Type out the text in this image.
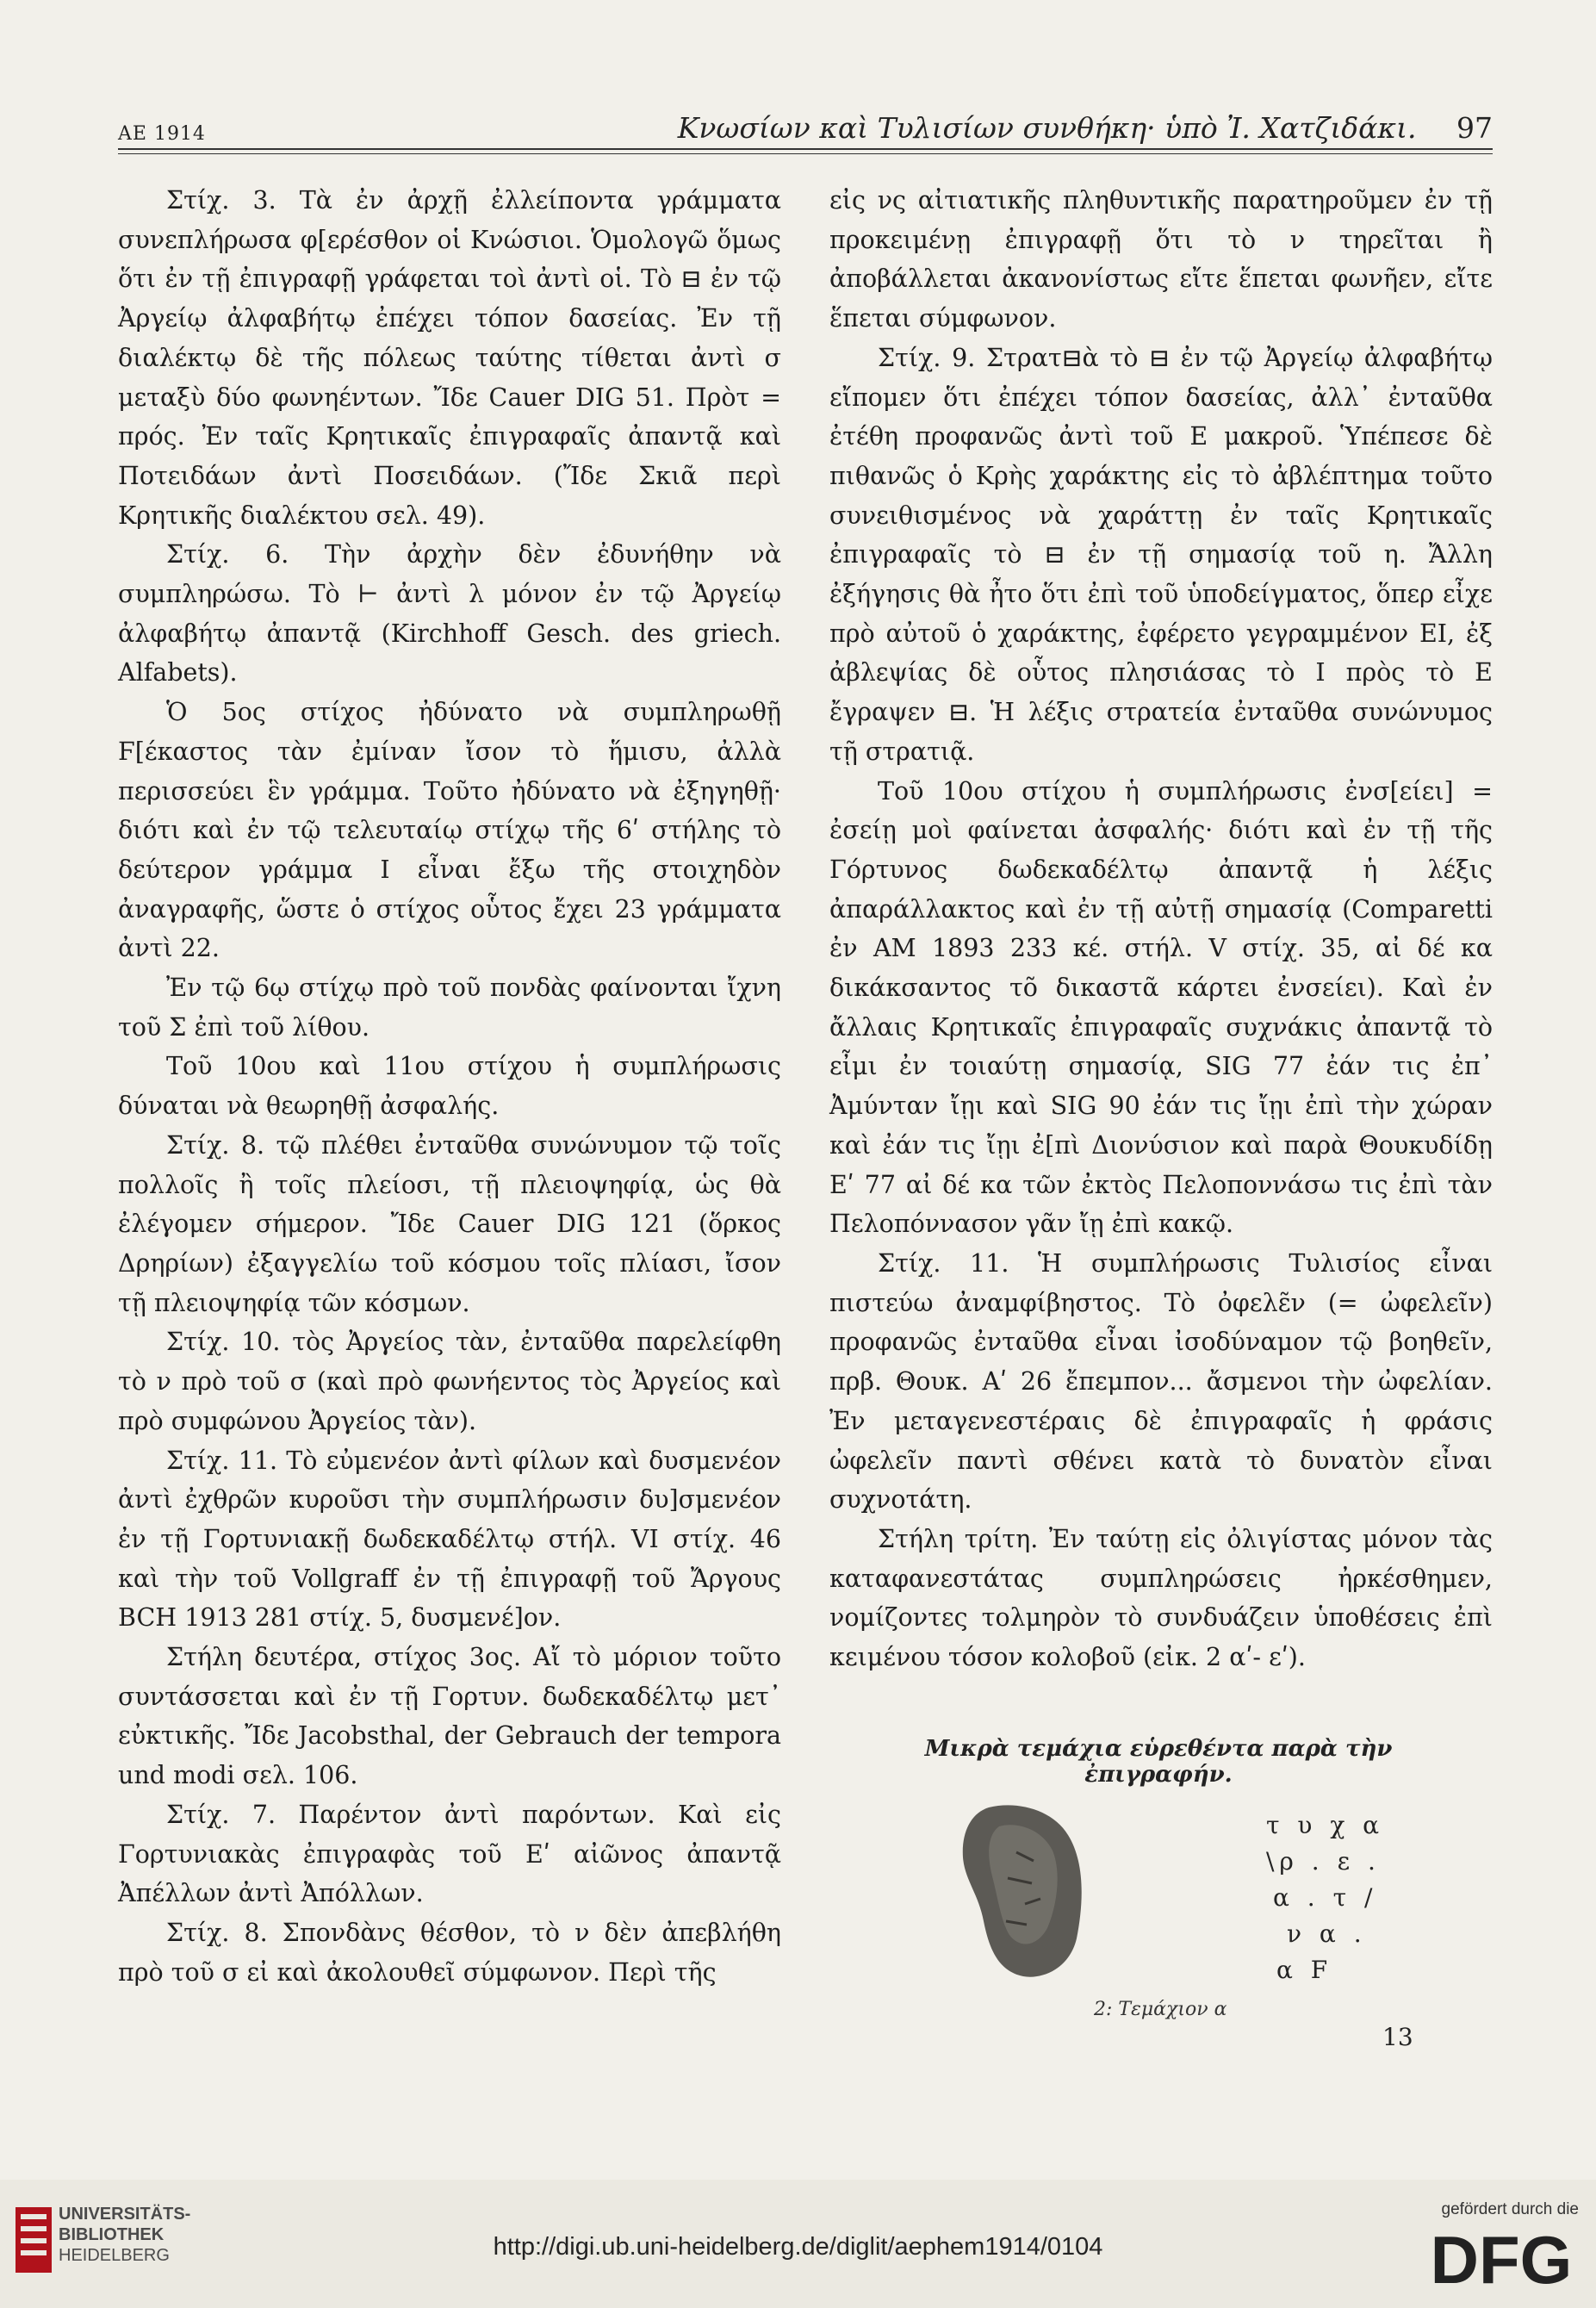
ΑΕ 1914	Κνωσίων καὶ Τυλισίων συνθήκη· ὑπὸ Ἰ. Χατζιδάκι. 97

Στίχ. 3. Τὰ ἐν ἀρχῇ ἐλλείποντα γράμματα συνεπλήρωσα φ[ερέσθον οἱ Κνώσιοι. Ὁμολογῶ ὅμως ὅτι ἐν τῇ ἐπιγραφῇ γράφεται τοὶ ἀντὶ οἱ. Τὸ ⊟ ἐν τῷ Ἀργείῳ ἀλφαβήτῳ ἐπέχει τόπον δασείας. Ἐν τῇ διαλέκτῳ δὲ τῆς πόλεως ταύτης τίθεται ἀντὶ σ μεταξὺ δύο φωνηέντων. Ἴδε Cauer DIG 51. Πρὸτ = πρός. Ἐν ταῖς Κρητικαῖς ἐπιγραφαῖς ἀπαντᾷ καὶ Ποτειδάων ἀντὶ Ποσειδάων. (Ἴδε Σκιᾶ περὶ Κρητικῆς διαλέκτου σελ. 49).

Στίχ. 6. Τὴν ἀρχὴν δὲν ἐδυνήθην νὰ συμπληρώσω. Τὸ ⊢ ἀντὶ λ μόνον ἐν τῷ Ἀργείῳ ἀλφαβήτῳ ἀπαντᾷ (Kirchhoff Gesch. des griech. Alfabets).

Ὁ 5ος στίχος ἠδύνατο νὰ συμπληρωθῇ Ϝ[έκαστος τὰν ἐμίναν ἴσον τὸ ἥμισυ, ἀλλὰ περισσεύει ἓν γράμμα. Τοῦτο ἠδύνατο νὰ ἐξηγηθῇ· διότι καὶ ἐν τῷ τελευταίῳ στίχῳ τῆς 6ʹ στήλης τὸ δεύτερον γράμμα Ι εἶναι ἔξω τῆς στοιχηδὸν ἀναγραφῆς, ὥστε ὁ στίχος οὗτος ἔχει 23 γράμματα ἀντὶ 22.

Ἐν τῷ 6ῳ στίχῳ πρὸ τοῦ πονδὰς φαίνονται ἴχνη τοῦ Σ ἐπὶ τοῦ λίθου.

Τοῦ 10ου καὶ 11ου στίχου ἡ συμπλήρωσις δύναται νὰ θεωρηθῇ ἀσφαλής.

Στίχ. 8. τῷ πλέθει ἐνταῦθα συνώνυμον τῷ τοῖς πολλοῖς ἢ τοῖς πλείοσι, τῇ πλειοψηφίᾳ, ὡς θὰ ἐλέγομεν σήμερον. Ἴδε Cauer DIG 121 (ὅρκος Δρηρίων) ἐξαγγελίω τοῦ κόσμου τοῖς πλίασι, ἴσον τῇ πλειοψηφίᾳ τῶν κόσμων.

Στίχ. 10. τὸς Ἀργείος τὰν, ἐνταῦθα παρελείφθη τὸ ν πρὸ τοῦ σ (καὶ πρὸ φωνήεντος τὸς Ἀργείος καὶ πρὸ συμφώνου Ἀργείος τὰν).

Στίχ. 11. Τὸ εὐμενέον ἀντὶ φίλων καὶ δυσμενέον ἀντὶ ἐχθρῶν κυροῦσι τὴν συμπλήρωσιν δυ]σμενέον ἐν τῇ Γορτυνιακῇ δωδεκαδέλτῳ στήλ. VI στίχ. 46 καὶ τὴν τοῦ Vollgraff ἐν τῇ ἐπιγραφῇ τοῦ Ἄργους BCH 1913 281 στίχ. 5, δυσμενέ]ον.

Στήλη δευτέρα, στίχος 3ος. Αἴ τὸ μόριον τοῦτο συντάσσεται καὶ ἐν τῇ Γορτυν. δωδεκαδέλτῳ μετ᾽ εὐκτικῆς. Ἴδε Jacobsthal, der Gebrauch der tempora und modi σελ. 106.

Στίχ. 7. Παρέντον ἀντὶ παρόντων. Καὶ εἰς Γορτυνιακὰς ἐπιγραφὰς τοῦ Εʹ αἰῶνος ἀπαντᾷ Ἀπέλλων ἀντὶ Ἀπόλλων.

Στίχ. 8. Σπονδὰνς θέσθον, τὸ ν δὲν ἀπεβλήθη πρὸ τοῦ σ εἰ καὶ ἀκολουθεῖ σύμφωνον. Περὶ τῆς

εἰς νς αἰτιατικῆς πληθυντικῆς παρατηροῦμεν ἐν τῇ προκειμένῃ ἐπιγραφῇ ὅτι τὸ ν τηρεῖται ἢ ἀποβάλλεται ἀκανονίστως εἴτε ἕπεται φωνῆεν, εἴτε ἕπεται σύμφωνον.

Στίχ. 9. Στρατ⊟ὰ τὸ ⊟ ἐν τῷ Ἀργείῳ ἀλφαβήτῳ εἴπομεν ὅτι ἐπέχει τόπον δασείας, ἀλλ᾽ ἐνταῦθα ἐτέθη προφανῶς ἀντὶ τοῦ Ε μακροῦ. Ὑπέπεσε δὲ πιθανῶς ὁ Κρὴς χαράκτης εἰς τὸ ἀβλέπτημα τοῦτο συνειθισμένος νὰ χαράττῃ ἐν ταῖς Κρητικαῖς ἐπιγραφαῖς τὸ ⊟ ἐν τῇ σημασίᾳ τοῦ η. Ἄλλη ἐξήγησις θὰ ἦτο ὅτι ἐπὶ τοῦ ὑποδείγματος, ὅπερ εἶχε πρὸ αὐτοῦ ὁ χαράκτης, ἐφέρετο γεγραμμένον ΕΙ, ἐξ ἀβλεψίας δὲ οὗτος πλησιάσας τὸ Ι πρὸς τὸ Ε ἔγραψεν ⊟. Ἡ λέξις στρατεία ἐνταῦθα συνώνυμος τῇ στρατιᾷ.

Τοῦ 10ου στίχου ἡ συμπλήρωσις ἐνσ[είει] = ἐσείῃ μοὶ φαίνεται ἀσφαλής· διότι καὶ ἐν τῇ τῆς Γόρτυνος δωδεκαδέλτῳ ἀπαντᾷ ἡ λέξις ἀπαράλλακτος καὶ ἐν τῇ αὐτῇ σημασίᾳ (Comparetti ἐν ΑΜ 1893 233 κέ. στήλ. V στίχ. 35, αἰ δέ κα δικάκσαντος τõ δικαστᾶ κάρτει ἐνσείει). Καὶ ἐν ἄλλαις Κρητικαῖς ἐπιγραφαῖς συχνάκις ἀπαντᾷ τὸ εἶμι ἐν τοιαύτῃ σημασίᾳ, SIG 77 ἐάν τις ἐπ᾽ Ἀμύνταν ἴῃι καὶ SIG 90 ἐάν τις ἴῃι ἐπὶ τὴν χώραν καὶ ἐάν τις ἴῃι ἐ[πὶ Διονύσιον καὶ παρὰ Θουκυδίδῃ Εʹ 77 αἰ δέ κα τῶν ἐκτὸς Πελοποννάσω τις ἐπὶ τὰν Πελοπόννασον γᾶν ἴῃ ἐπὶ κακῷ.

Στίχ. 11. Ἡ συμπλήρωσις Τυλισίος εἶναι πιστεύω ἀναμφίβηστος. Τὸ ὀφελε̃ν (= ὠφελεῖν) προφανῶς ἐνταῦθα εἶναι ἰσοδύναμον τῷ βοηθεῖν, πρβ. Θουκ. Αʹ 26 ἔπεμπον... ἄσμενοι τὴν ὠφελίαν. Ἐν μεταγενεστέραις δὲ ἐπιγραφαῖς ἡ φράσις ὠφελεῖν παντὶ σθένει κατὰ τὸ δυνατὸν εἶναι συχνοτάτη.

Στήλη τρίτη. Ἐν ταύτῃ εἰς ὀλιγίστας μόνον τὰς καταφανεστάτας συμπληρώσεις ἠρκέσθημεν, νομίζοντες τολμηρὸν τὸ συνδυάζειν ὑποθέσεις ἐπὶ κειμένου τόσον κολοβοῦ (εἰκ. 2 αʹ- εʹ).

Μικρὰ τεμάχια εὑρεθέντα παρὰ τὴν ἐπιγραφήν.
τ υ χ α
\ρ . ε .
α . τ /
ν α .
α F
2: Τεμάχιον α
13
UNIVERSITÄTS-
BIBLIOTHEK
HEIDELBERG	http://digi.ub.uni-heidelberg.de/diglit/aephem1914/0104
gefördert durch die
DFG
